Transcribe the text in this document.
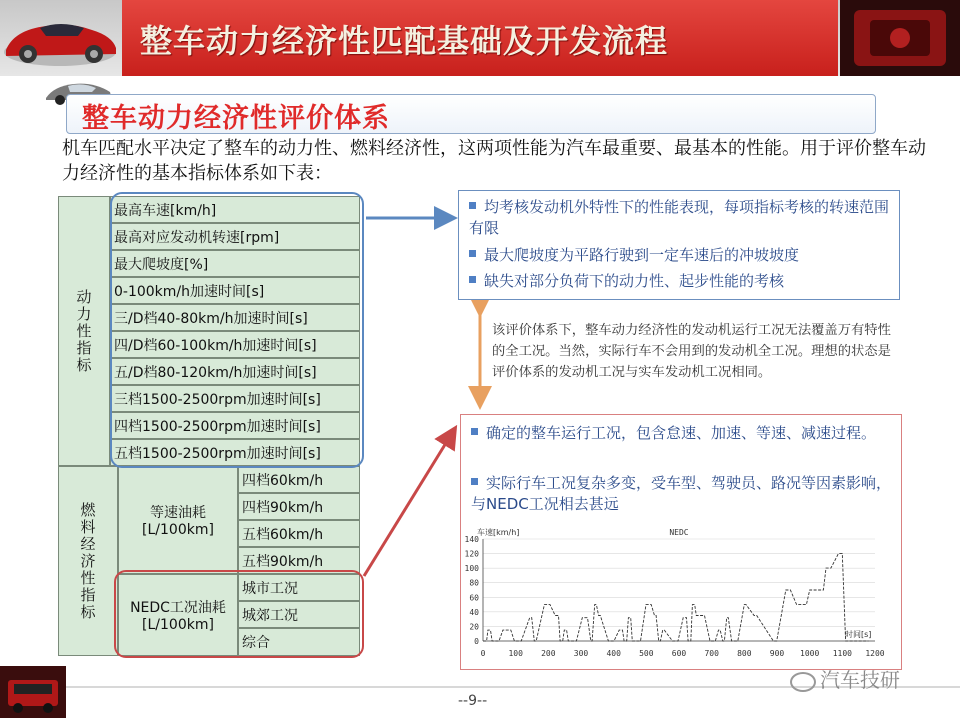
整车动力经济性匹配基础及开发流程
整车动力经济性评价体系
机车匹配水平决定了整车的动力性、燃料经济性，这两项性能为汽车最重要、最基本的性能。用于评价整车动力经济性的基本指标体系如下表：
动力性指标
最高车速[km/h]
最高对应发动机转速[rpm]
最大爬坡度[%]
0-100km/h加速时间[s]
三/D档40-80km/h加速时间[s]
四/D档60-100km/h加速时间[s]
五/D档80-120km/h加速时间[s]
三档1500-2500rpm加速时间[s]
四档1500-2500rpm加速时间[s]
五档1500-2500rpm加速时间[s]
燃料经济性指标	等速油耗
[L/100km]
四档60km/h
四档90km/h
五档60km/h
五档90km/h
NEDC工况油耗
[L/100km]
城市工况
城郊工况
综合
均考核发动机外特性下的性能表现，每项指标考核的转速范围有限
最大爬坡度为平路行驶到一定车速后的冲坡坡度
缺失对部分负荷下的动力性、起步性能的考核
该评价体系下，整车动力经济性的发动机运行工况无法覆盖万有特性的全工况。当然，实际行车不会用到的发动机全工况。理想的状态是评价体系的发动机工况与实车发动机工况相同。
确定的整车运行工况，包含怠速、加速、等速、减速过程。
实际行车工况复杂多变，受车型、驾驶员、路况等因素影响，与NEDC工况相去甚远
0
20
40
60
80
100
120
140
0	100 200 300 400 500 600 700 800 900 1000 1100 1200
NEDC
车速[km/h]
时间[s]
--9--
汽车技研
